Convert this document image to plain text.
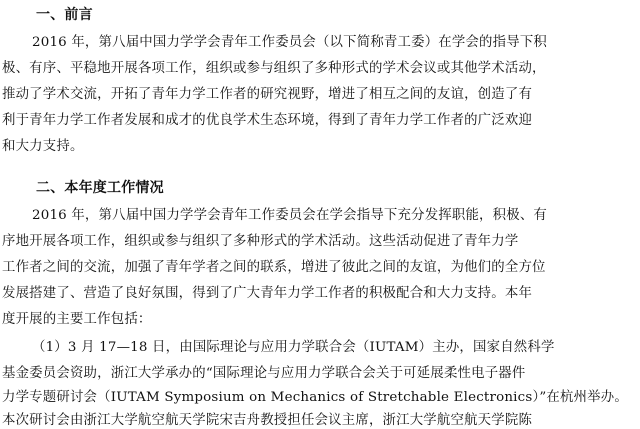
一、前言
2016 年，第八届中国力学学会青年工作委员会（以下简称青工委）在学会的指导下积
极、有序、平稳地开展各项工作，组织或参与组织了多种形式的学术会议或其他学术活动，
推动了学术交流，开拓了青年力学工作者的研究视野，增进了相互之间的友谊，创造了有
利于青年力学工作者发展和成才的优良学术生态环境，得到了青年力学工作者的广泛欢迎
和大力支持。
二、本年度工作情况
2016 年，第八届中国力学学会青年工作委员会在学会指导下充分发挥职能，积极、有
序地开展各项工作，组织或参与组织了多种形式的学术活动。这些活动促进了青年力学
工作者之间的交流，加强了青年学者之间的联系，增进了彼此之间的友谊，为他们的全方位
发展搭建了、营造了良好氛围，得到了广大青年力学工作者的积极配合和大力支持。本年
度开展的主要工作包括：
（1）3 月 17—18 日，由国际理论与应用力学联合会（IUTAM）主办，国家自然科学
基金委员会资助，浙江大学承办的“国际理论与应用力学联合会关于可延展柔性电子器件
力学专题研讨会（IUTAM Symposium on Mechanics of Stretchable Electronics）”在杭州举办。
本次研讨会由浙江大学航空航天学院宋吉舟教授担任会议主席，浙江大学航空航天学院陈
